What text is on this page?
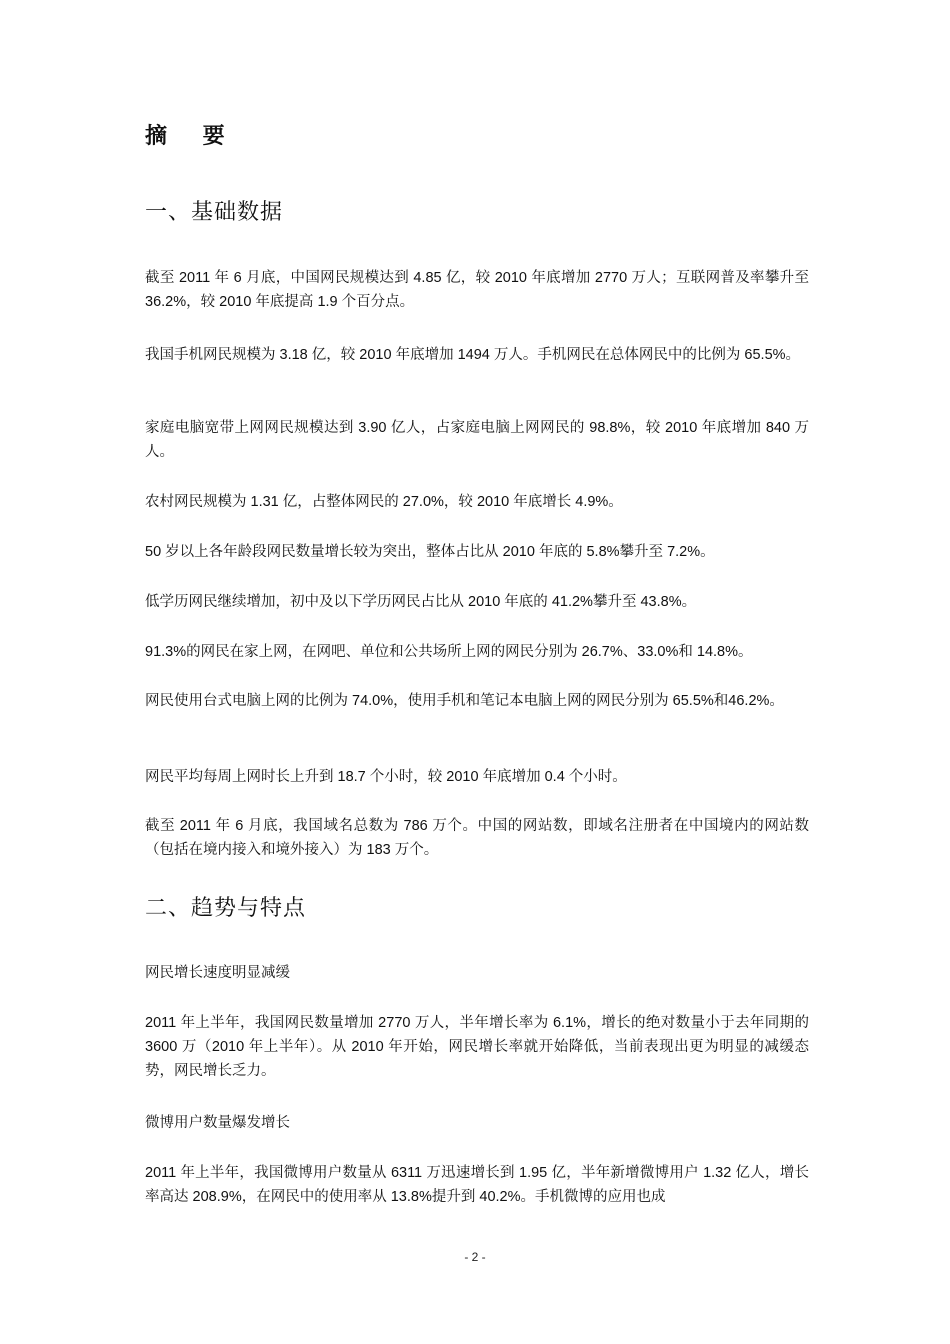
摘 要
一、基础数据

截至 2011 年 6 月底，中国网民规模达到 4.85 亿，较 2010 年底增加 2770 万人；互联网普及率攀升至 36.2%，较 2010 年底提高 1.9 个百分点。

我国手机网民规模为 3.18 亿，较 2010 年底增加 1494 万人。手机网民在总体网民中的比例为 65.5%。

家庭电脑宽带上网网民规模达到 3.90 亿人，占家庭电脑上网网民的 98.8%，较 2010 年底增加 840 万人。

农村网民规模为 1.31 亿，占整体网民的 27.0%，较 2010 年底增长 4.9%。

50 岁以上各年龄段网民数量增长较为突出，整体占比从 2010 年底的 5.8%攀升至 7.2%。

低学历网民继续增加，初中及以下学历网民占比从 2010 年底的 41.2%攀升至 43.8%。

91.3%的网民在家上网，在网吧、单位和公共场所上网的网民分别为 26.7%、33.0%和 14.8%。

网民使用台式电脑上网的比例为 74.0%，使用手机和笔记本电脑上网的网民分别为 65.5%和46.2%。

网民平均每周上网时长上升到 18.7 个小时，较 2010 年底增加 0.4 个小时。

截至 2011 年 6 月底，我国域名总数为 786 万个。中国的网站数，即域名注册者在中国境内的网站数（包括在境内接入和境外接入）为 183 万个。

二、趋势与特点

网民增长速度明显减缓

2011 年上半年，我国网民数量增加 2770 万人，半年增长率为 6.1%，增长的绝对数量小于去年同期的 3600 万（2010 年上半年）。从 2010 年开始，网民增长率就开始降低，当前表现出更为明显的减缓态势，网民增长乏力。

微博用户数量爆发增长

2011 年上半年，我国微博用户数量从 6311 万迅速增长到 1.95 亿，半年新增微博用户 1.32 亿人，增长率高达 208.9%，在网民中的使用率从 13.8%提升到 40.2%。手机微博的应用也成

- 2 -
